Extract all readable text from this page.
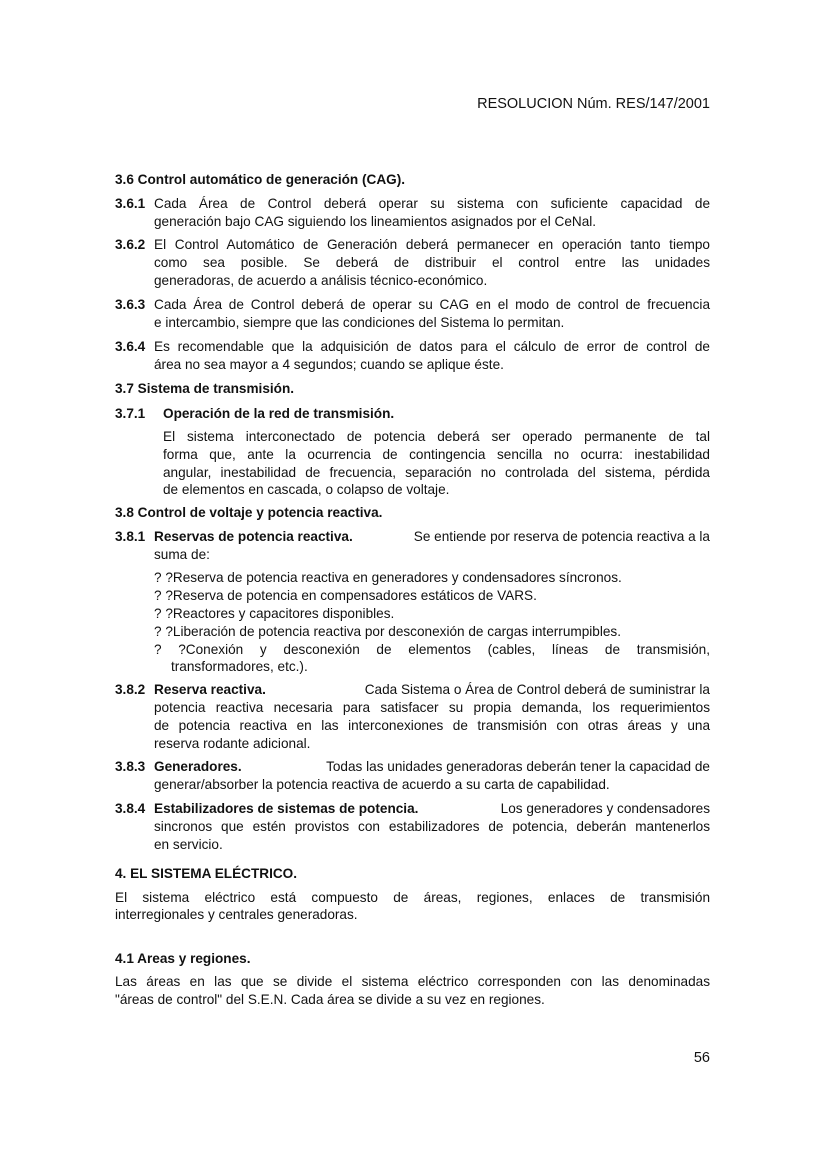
RESOLUCION Núm. RES/147/2001
3.6 Control automático de generación (CAG).
3.6.1 Cada Área de Control deberá operar su sistema con suficiente capacidad de
generación bajo CAG siguiendo los lineamientos asignados por el CeNal.
3.6.2 El Control Automático de Generación deberá permanecer en operación tanto tiempo
como sea posible. Se deberá de distribuir el control entre las unidades
generadoras, de acuerdo a análisis técnico-económico.
3.6.3 Cada Área de Control deberá de operar su CAG en el modo de control de frecuencia
e intercambio, siempre que las condiciones del Sistema lo permitan.
3.6.4 Es recomendable que la adquisición de datos para el cálculo de error de control de
área no sea mayor a 4 segundos; cuando se aplique éste.
3.7 Sistema de transmisión.
3.7.1 Operación de la red de transmisión.
El sistema interconectado de potencia deberá ser operado permanente de tal
forma que, ante la ocurrencia de contingencia sencilla no ocurra: inestabilidad
angular, inestabilidad de frecuencia, separación no controlada del sistema, pérdida
de elementos en cascada, o colapso de voltaje.
3.8 Control de voltaje y potencia reactiva.
3.8.1 Reservas de potencia reactiva.	Se entiende por reserva de potencia reactiva a la
suma de:
? ?Reserva de potencia reactiva en generadores y condensadores síncronos.
? ?Reserva de potencia en compensadores estáticos de VARS.
? ?Reactores y capacitores disponibles.
? ?Liberación de potencia reactiva por desconexión de cargas interrumpibles.
? ?Conexión y desconexión de elementos (cables, líneas de transmisión,
transformadores, etc.).
3.8.2 Reserva reactiva.	Cada Sistema o Área de Control deberá de suministrar la
potencia reactiva necesaria para satisfacer su propia demanda, los requerimientos
de potencia reactiva en las interconexiones de transmisión con otras áreas y una
reserva rodante adicional.
3.8.3 Generadores.	Todas las unidades generadoras deberán tener la capacidad de
generar/absorber la potencia reactiva de acuerdo a su carta de capabilidad.
3.8.4 Estabilizadores de sistemas de potencia.	Los generadores y condensadores
sincronos que estén provistos con estabilizadores de potencia, deberán mantenerlos
en servicio.
4. EL SISTEMA ELÉCTRICO.
El sistema eléctrico está compuesto de áreas, regiones, enlaces de transmisión
interregionales y centrales generadoras.
4.1 Areas y regiones.
Las áreas en las que se divide el sistema eléctrico corresponden con las denominadas
"áreas de control" del S.E.N. Cada área se divide a su vez en regiones.
56
